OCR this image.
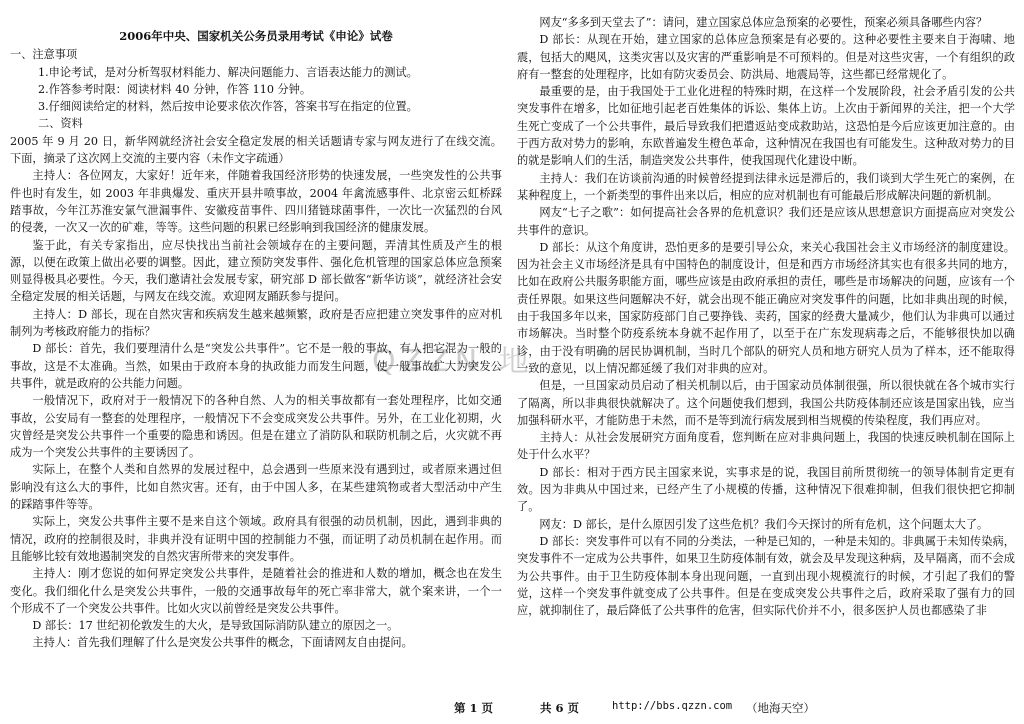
QZZN 地
2006年中央、国家机关公务员录用考试《申论》试卷
一、注意事项
1.申论考试，是对分析驾驭材料能力、解决问题能力、言语表达能力的测试。
2.作答参考时限：阅读材料 40 分钟，作答 110 分钟。
3.仔细阅读给定的材料，然后按申论要求依次作答，答案书写在指定的位置。
二、资料

2005 年 9 月 20 日，新华网就经济社会安全稳定发展的相关话题请专家与网友进行了在线交流。下面，摘录了这次网上交流的主要内容（未作文字疏通）

主持人：各位网友，大家好！近年来，伴随着我国经济形势的快速发展，一些突发性的公共事件也时有发生，如 2003 年非典爆发、重庆开县井喷事故，2004 年禽流感事件、北京密云虹桥踩踏事故，今年江苏淮安氯气泄漏事件、安徽疫苗事件、四川猪链球菌事件，一次比一次猛烈的台风的侵袭，一次又一次的矿难，等等。这些问题的积累已经影响到我国经济的健康发展。

鉴于此，有关专家指出，应尽快找出当前社会领域存在的主要问题，弄清其性质及产生的根源，以便在政策上做出必要的调整。因此，建立预防突发事件、强化危机管理的国家总体应急预案则显得极具必要性。今天，我们邀请社会发展专家，研究部 D 部长做客“新华访谈”，就经济社会安全稳定发展的相关话题，与网友在线交流。欢迎网友踊跃参与提问。

主持人：D 部长，现在自然灾害和疾病发生越来越频繁，政府是否应把建立突发事件的应对机制列为考核政府能力的指标？

D 部长：首先，我们要理清什么是“突发公共事件”。它不是一般的事故，有人把它混为一般的事故，这是不太准确。当然，如果由于政府本身的执政能力而发生问题，使一般事故扩大为突发公共事件，就是政府的公共能力问题。

一般情况下，政府对于一般情况下的各种自然、人为的相关事故都有一套处理程序，比如交通事故，公安局有一整套的处理程序，一般情况下不会变成突发公共事件。另外，在工业化初期，火灾曾经是突发公共事件一个重要的隐患和诱因。但是在建立了消防队和联防机制之后，火灾就不再成为一个突发公共事件的主要诱因了。

实际上，在整个人类和自然界的发展过程中，总会遇到一些原来没有遇到过，或者原来遇过但影响没有这么大的事件，比如自然灾害。还有，由于中国人多，在某些建筑物或者大型活动中产生的踩踏事件等等。

实际上，突发公共事件主要不是来自这个领域。政府具有很强的动员机制，因此，遇到非典的情况，政府的控制很及时，非典并没有证明中国的控制能力不强，而证明了动员机制在起作用。而且能够比较有效地遏制突发的自然灾害所带来的突发事件。

主持人：刚才您说的如何界定突发公共事件，是随着社会的推进和人数的增加，概念也在发生变化。我们细化什么是突发公共事件，一般的交通事故每年的死亡率非常大，就个案来讲，一个一个形成不了一个突发公共事件。比如火灾以前曾经是突发公共事件。

D 部长：17 世纪初伦敦发生的大火，是导致国际消防队建立的原因之一。

主持人：首先我们理解了什么是突发公共事件的概念，下面请网友自由提问。

网友“多多到天堂去了”：请问，建立国家总体应急预案的必要性，预案必须具备哪些内容？

D 部长：从现在开始，建立国家的总体应急预案是有必要的。这种必要性主要来自于海啸、地震，包括大的飓风，这类灾害以及灾害的严重影响是不可预料的。但是对这些灾害，一个有组织的政府有一整套的处理程序，比如有防灾委员会、防洪局、地震局等，这些都已经常规化了。

最重要的是，由于我国处于工业化进程的特殊时期，在这样一个发展阶段，社会矛盾引发的公共突发事件在增多，比如征地引起老百姓集体的诉讼、集体上访。上次由于新闻界的关注，把一个大学生死亡变成了一个公共事件，最后导致我们把遣返站变成救助站，这恐怕是今后应该更加注意的。由于西方敌对势力的影响，东欧普遍发生橙色革命，这种情况在我国也有可能发生。这种敌对势力的目的就是影响人们的生活，制造突发公共事件，使我国现代化建设中断。

主持人：我们在访谈前沟通的时候曾经提到法律永远是滞后的，我们谈到大学生死亡的案例，在某种程度上，一个新类型的事件出来以后，相应的应对机制也有可能最后形成解决问题的新机制。

网友“七子之歌”：如何提高社会各界的危机意识？我们还是应该从思想意识方面提高应对突发公共事件的意识。

D 部长：从这个角度讲，恐怕更多的是要引导公众，来关心我国社会主义市场经济的制度建设。因为社会主义市场经济是具有中国特色的制度设计，但是和西方市场经济其实也有很多共同的地方，比如在政府公共服务职能方面，哪些应该是由政府承担的责任，哪些是市场解决的问题，应该有一个责任界限。如果这些问题解决不好，就会出现不能正确应对突发事件的问题，比如非典出现的时候，由于我国多年以来，国家防疫部门自己要挣钱、卖药，国家的经费大量减少，他们认为非典可以通过市场解决。当时整个防疫系统本身就不起作用了，以至于在广东发现病毒之后，不能够很快加以确诊，由于没有明确的居民协调机制，当时几个部队的研究人员和地方研究人员为了样本，还不能取得一致的意见，以上情况都延缓了我们对非典的应对。

但是，一旦国家动员启动了相关机制以后，由于国家动员体制很强，所以很快就在各个城市实行了隔离，所以非典很快就解决了。这个问题使我们想到，我国公共防疫体制还应该是国家出钱，应当加强科研水平，才能防患于未然，而不是等到流行病发展到相当规模的传染程度，我们再应对。

主持人：从社会发展研究方面角度看，您判断在应对非典问题上，我国的快速反映机制在国际上处于什么水平？

D 部长：相对于西方民主国家来说，实事求是的说，我国目前所贯彻统一的领导体制肯定更有效。因为非典从中国过来，已经产生了小规模的传播，这种情况下很难抑制，但我们很快把它抑制了。

网友：D 部长，是什么原因引发了这些危机？我们今天探讨的所有危机，这个问题太大了。

D 部长：突发事件可以有不同的分类法，一种是已知的，一种是未知的。非典属于未知传染病，突发事件不一定成为公共事件，如果卫生防疫体制有效，就会及早发现这种病，及早隔离，而不会成为公共事件。由于卫生防疫体制本身出现问题，一直到出现小规模流行的时候，才引起了我们的警觉，这样一个突发事件就变成了公共事件。但是在变成突发公共事件之后，政府采取了强有力的回应，就抑制住了，最后降低了公共事件的危害，但实际代价并不小，很多医护人员也都感染了非

第 1 页	共 6 页	http://bbs.qzzn.com （地海天空）
